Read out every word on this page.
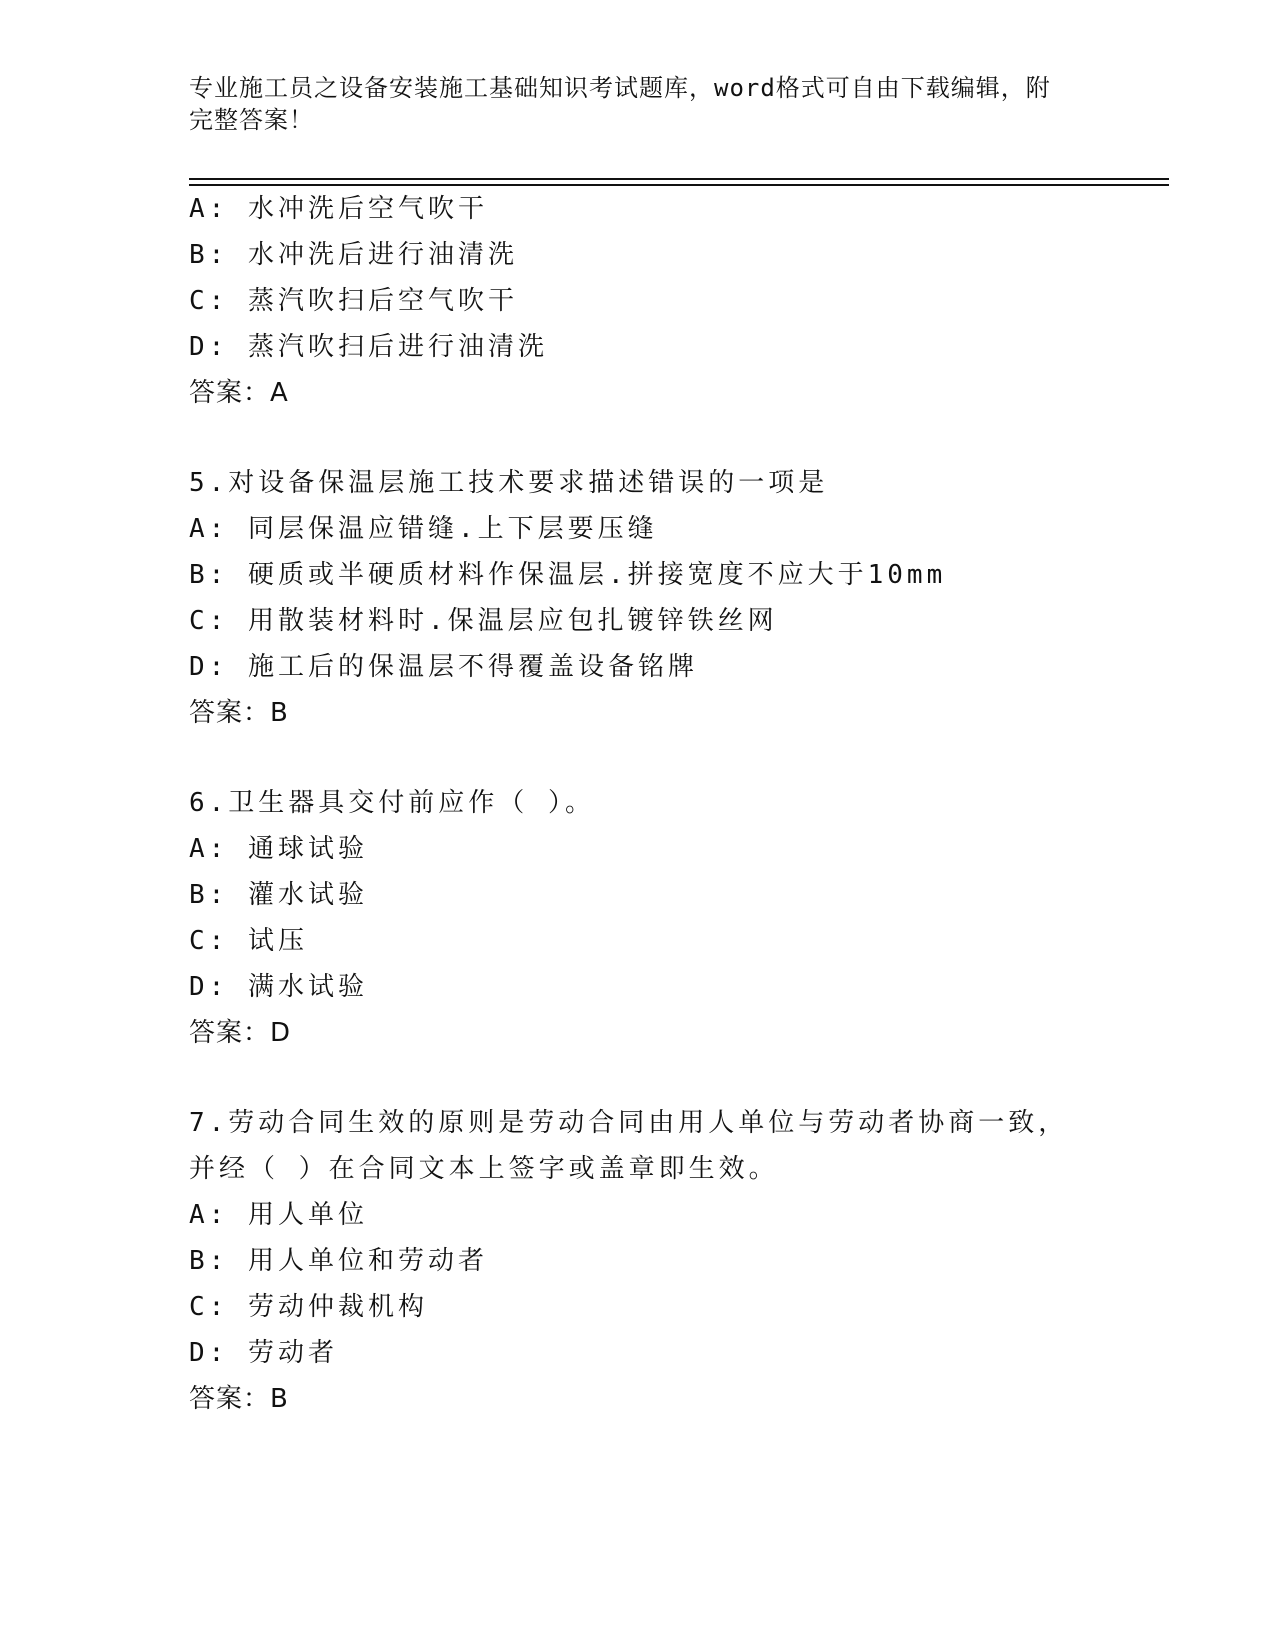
专业施工员之设备安装施工基础知识考试题库，word格式可自由下载编辑，附完整答案！
A: 水冲洗后空气吹干
B: 水冲洗后进行油清洗
C: 蒸汽吹扫后空气吹干
D: 蒸汽吹扫后进行油清洗
答案：A
5.对设备保温层施工技术要求描述错误的一项是
A: 同层保温应错缝.上下层要压缝
B: 硬质或半硬质材料作保温层.拼接宽度不应大于10mm
C: 用散装材料时.保温层应包扎镀锌铁丝网
D: 施工后的保温层不得覆盖设备铭牌
答案：B
6.卫生器具交付前应作（ ）。
A: 通球试验
B: 灌水试验
C: 试压
D: 满水试验
答案：D
7.劳动合同生效的原则是劳动合同由用人单位与劳动者协商一致，并经（ ）在合同文本上签字或盖章即生效。
A: 用人单位
B: 用人单位和劳动者
C: 劳动仲裁机构
D: 劳动者
答案：B
